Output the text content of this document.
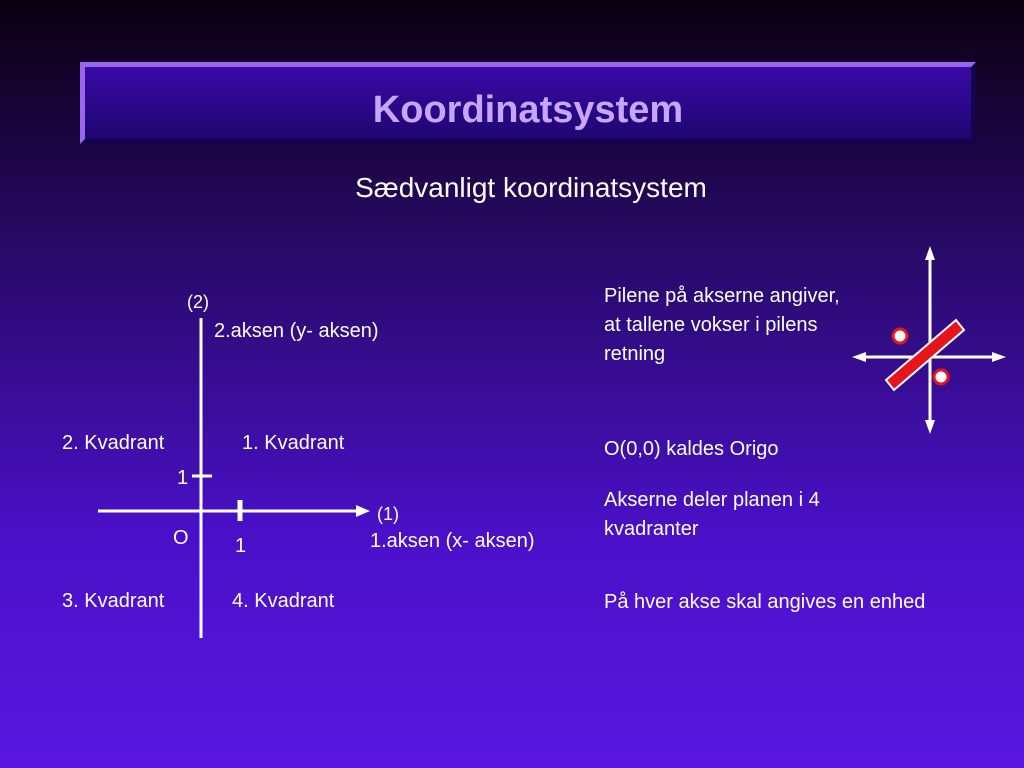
Koordinatsystem
Sædvanligt koordinatsystem
(2)
2.aksen (y- aksen)
2. Kvadrant	1. Kvadrant
1
(1)
O	1.aksen (x- aksen)
1
3. Kvadrant	4. Kvadrant
Pilene på akserne angiver, at tallene vokser i pilens retning
O(0,0) kaldes Origo
Akserne deler planen i 4 kvadranter
På hver akse skal angives en enhed
